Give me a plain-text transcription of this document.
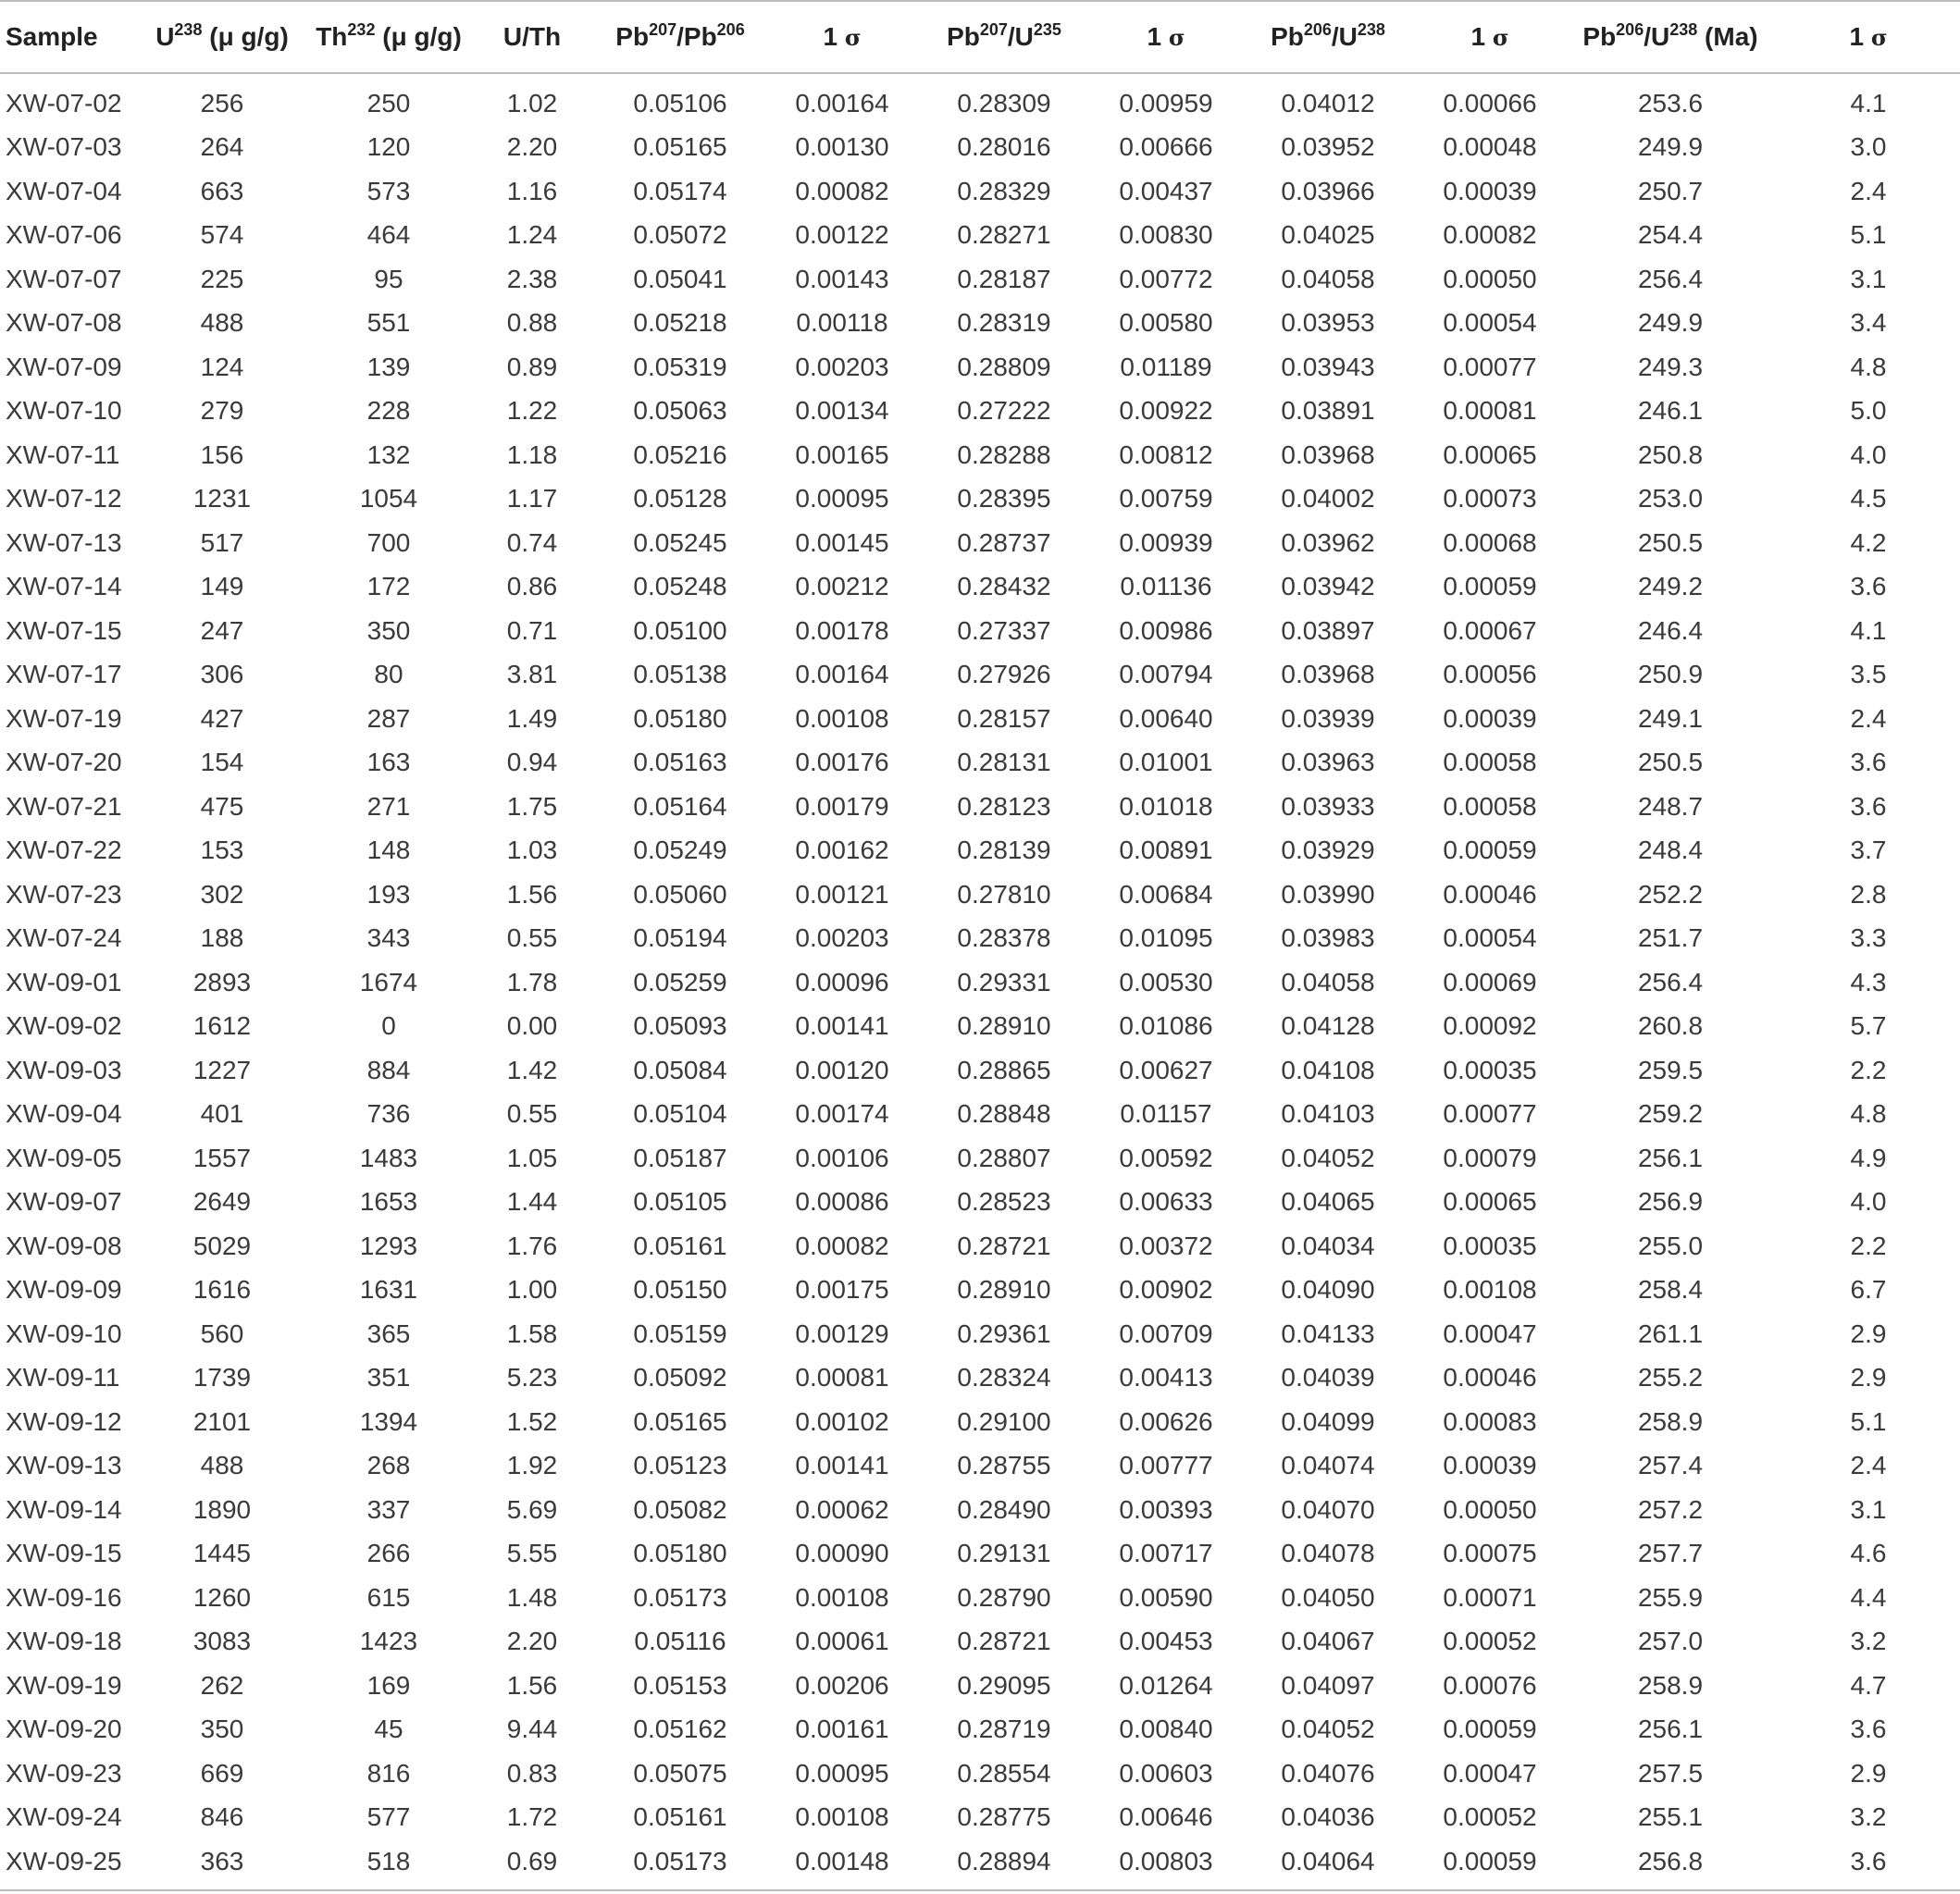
Sample	$U^{238}$ (μ g/g)	Th$^{232}$ (μ g/g)	U/Th	Pb$^{207}$/Pb$^{206}$	1 σ	$Pb^{207}/U^{235}$	1 σ	$Pb^{206}/U^{238}$	1 σ	$Pb^{206}/U^{238}$ (Ma)	1 σ
XW-07-02	256	250	1.02	0.05106	0.00164	0.28309	0.00959	0.04012	0.00066	253.6	4.1
XW-07-03	264	120	2.20	0.05165	0.00130	0.28016	0.00666	0.03952	0.00048	249.9	3.0
XW-07-04	663	573	1.16	0.05174	0.00082	0.28329	0.00437	0.03966	0.00039	250.7	2.4
XW-07-06	574	464	1.24	0.05072	0.00122	0.28271	0.00830	0.04025	0.00082	254.4	5.1
XW-07-07	225	95	2.38	0.05041	0.00143	0.28187	0.00772	0.04058	0.00050	256.4	3.1
XW-07-08	488	551	0.88	0.05218	0.00118	0.28319	0.00580	0.03953	0.00054	249.9	3.4
XW-07-09	124	139	0.89	0.05319	0.00203	0.28809	0.01189	0.03943	0.00077	249.3	4.8
XW-07-10	279	228	1.22	0.05063	0.00134	0.27222	0.00922	0.03891	0.00081	246.1	5.0
XW-07-11	156	132	1.18	0.05216	0.00165	0.28288	0.00812	0.03968	0.00065	250.8	4.0
XW-07-12	1231	1054	1.17	0.05128	0.00095	0.28395	0.00759	0.04002	0.00073	253.0	4.5
XW-07-13	517	700	0.74	0.05245	0.00145	0.28737	0.00939	0.03962	0.00068	250.5	4.2
XW-07-14	149	172	0.86	0.05248	0.00212	0.28432	0.01136	0.03942	0.00059	249.2	3.6
XW-07-15	247	350	0.71	0.05100	0.00178	0.27337	0.00986	0.03897	0.00067	246.4	4.1
XW-07-17	306	80	3.81	0.05138	0.00164	0.27926	0.00794	0.03968	0.00056	250.9	3.5
XW-07-19	427	287	1.49	0.05180	0.00108	0.28157	0.00640	0.03939	0.00039	249.1	2.4
XW-07-20	154	163	0.94	0.05163	0.00176	0.28131	0.01001	0.03963	0.00058	250.5	3.6
XW-07-21	475	271	1.75	0.05164	0.00179	0.28123	0.01018	0.03933	0.00058	248.7	3.6
XW-07-22	153	148	1.03	0.05249	0.00162	0.28139	0.00891	0.03929	0.00059	248.4	3.7
XW-07-23	302	193	1.56	0.05060	0.00121	0.27810	0.00684	0.03990	0.00046	252.2	2.8
XW-07-24	188	343	0.55	0.05194	0.00203	0.28378	0.01095	0.03983	0.00054	251.7	3.3
XW-09-01	2893	1674	1.78	0.05259	0.00096	0.29331	0.00530	0.04058	0.00069	256.4	4.3
XW-09-02	1612	0	0.00	0.05093	0.00141	0.28910	0.01086	0.04128	0.00092	260.8	5.7
XW-09-03	1227	884	1.42	0.05084	0.00120	0.28865	0.00627	0.04108	0.00035	259.5	2.2
XW-09-04	401	736	0.55	0.05104	0.00174	0.28848	0.01157	0.04103	0.00077	259.2	4.8
XW-09-05	1557	1483	1.05	0.05187	0.00106	0.28807	0.00592	0.04052	0.00079	256.1	4.9
XW-09-07	2649	1653	1.44	0.05105	0.00086	0.28523	0.00633	0.04065	0.00065	256.9	4.0
XW-09-08	5029	1293	1.76	0.05161	0.00082	0.28721	0.00372	0.04034	0.00035	255.0	2.2
XW-09-09	1616	1631	1.00	0.05150	0.00175	0.28910	0.00902	0.04090	0.00108	258.4	6.7
XW-09-10	560	365	1.58	0.05159	0.00129	0.29361	0.00709	0.04133	0.00047	261.1	2.9
XW-09-11	1739	351	5.23	0.05092	0.00081	0.28324	0.00413	0.04039	0.00046	255.2	2.9
XW-09-12	2101	1394	1.52	0.05165	0.00102	0.29100	0.00626	0.04099	0.00083	258.9	5.1
XW-09-13	488	268	1.92	0.05123	0.00141	0.28755	0.00777	0.04074	0.00039	257.4	2.4
XW-09-14	1890	337	5.69	0.05082	0.00062	0.28490	0.00393	0.04070	0.00050	257.2	3.1
XW-09-15	1445	266	5.55	0.05180	0.00090	0.29131	0.00717	0.04078	0.00075	257.7	4.6
XW-09-16	1260	615	1.48	0.05173	0.00108	0.28790	0.00590	0.04050	0.00071	255.9	4.4
XW-09-18	3083	1423	2.20	0.05116	0.00061	0.28721	0.00453	0.04067	0.00052	257.0	3.2
XW-09-19	262	169	1.56	0.05153	0.00206	0.29095	0.01264	0.04097	0.00076	258.9	4.7
XW-09-20	350	45	9.44	0.05162	0.00161	0.28719	0.00840	0.04052	0.00059	256.1	3.6
XW-09-23	669	816	0.83	0.05075	0.00095	0.28554	0.00603	0.04076	0.00047	257.5	2.9
XW-09-24	846	577	1.72	0.05161	0.00108	0.28775	0.00646	0.04036	0.00052	255.1	3.2
XW-09-25	363	518	0.69	0.05173	0.00148	0.28894	0.00803	0.04064	0.00059	256.8	3.6
